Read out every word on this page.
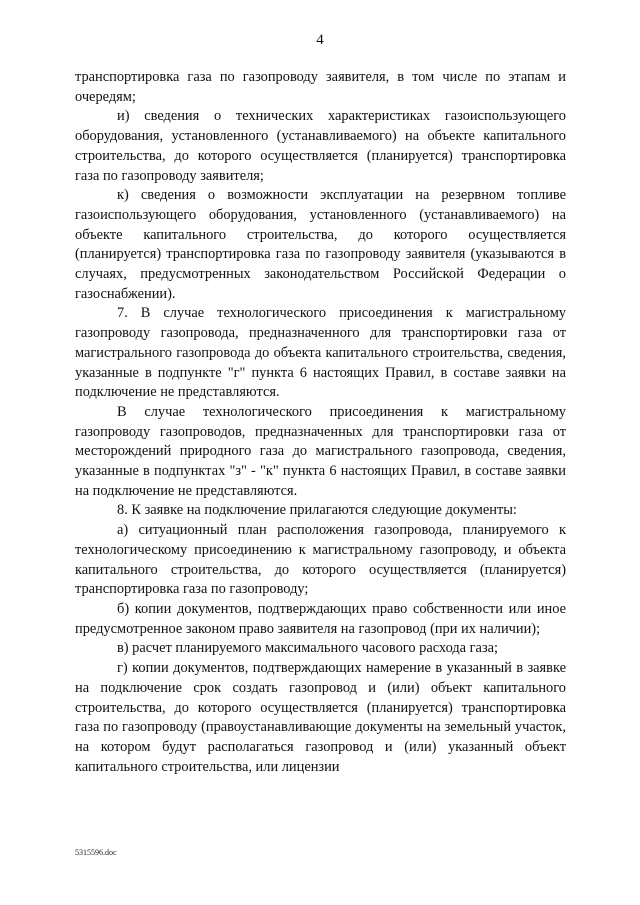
4

транспортировка газа по газопроводу заявителя, в том числе по этапам и очередям;

и) сведения о технических характеристиках газоиспользующего оборудования, установленного (устанавливаемого) на объекте капитального строительства, до которого осуществляется (планируется) транспортировка газа по газопроводу заявителя;

к) сведения о возможности эксплуатации на резервном топливе газоиспользующего оборудования, установленного (устанавливаемого) на объекте капитального строительства, до которого осуществляется (планируется) транспортировка газа по газопроводу заявителя (указываются в случаях, предусмотренных законодательством Российской Федерации о газоснабжении).

7. В случае технологического присоединения к магистральному газопроводу газопровода, предназначенного для транспортировки газа от магистрального газопровода до объекта капитального строительства, сведения, указанные в подпункте "г" пункта 6 настоящих Правил, в составе заявки на подключение не представляются.

В случае технологического присоединения к магистральному газопроводу газопроводов, предназначенных для транспортировки газа от месторождений природного газа до магистрального газопровода, сведения, указанные в подпунктах "з" - "к" пункта 6 настоящих Правил, в составе заявки на подключение не представляются.

8. К заявке на подключение прилагаются следующие документы:

а) ситуационный план расположения газопровода, планируемого к технологическому присоединению к магистральному газопроводу, и объекта капитального строительства, до которого осуществляется (планируется) транспортировка газа по газопроводу;

б) копии документов, подтверждающих право собственности или иное предусмотренное законом право заявителя на газопровод (при их наличии);

в) расчет планируемого максимального часового расхода газа;

г) копии документов, подтверждающих намерение в указанный в заявке на подключение срок создать газопровод и (или) объект капитального строительства, до которого осуществляется (планируется) транспортировка газа по газопроводу (правоустанавливающие документы на земельный участок, на котором будут располагаться газопровод и (или) указанный объект капитального строительства, или лицензии

5315596.doc
